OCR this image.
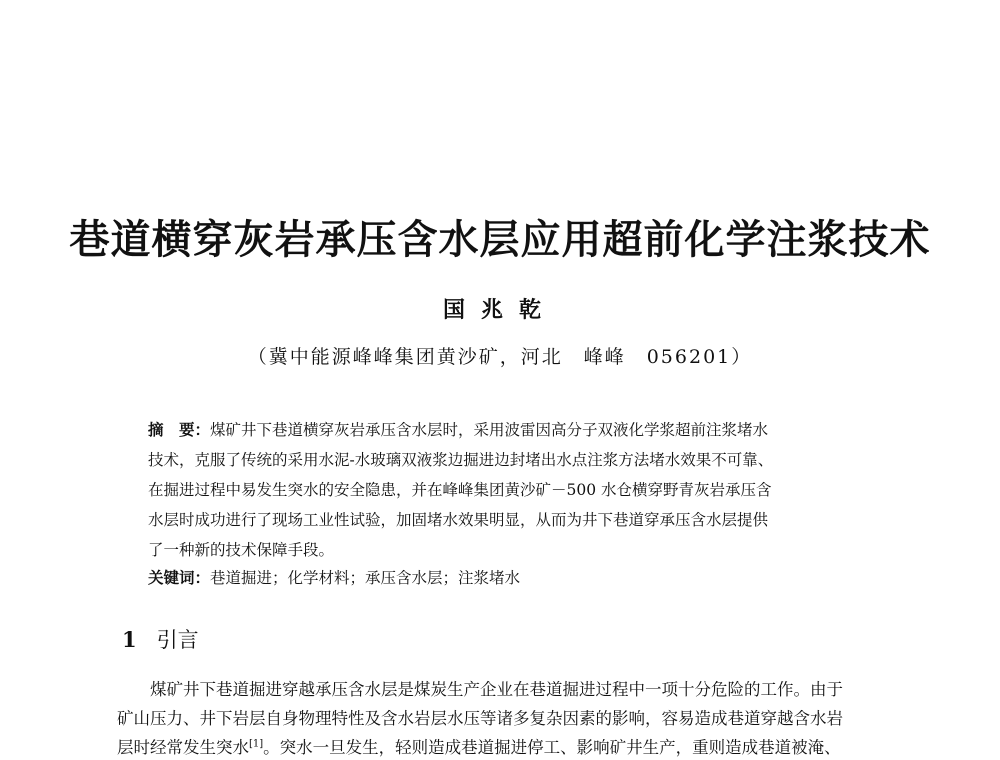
巷道横穿灰岩承压含水层应用超前化学注浆技术
国兆乾
（冀中能源峰峰集团黄沙矿，河北　峰峰　056201）
摘　要：煤矿井下巷道横穿灰岩承压含水层时，采用波雷因高分子双液化学浆超前注浆堵水
技术，克服了传统的采用水泥-水玻璃双液浆边掘进边封堵出水点注浆方法堵水效果不可靠、
在掘进过程中易发生突水的安全隐患，并在峰峰集团黄沙矿－500 水仓横穿野青灰岩承压含
水层时成功进行了现场工业性试验，加固堵水效果明显，从而为井下巷道穿承压含水层提供
了一种新的技术保障手段。
关键词：巷道掘进；化学材料；承压含水层；注浆堵水
1 引言
煤矿井下巷道掘进穿越承压含水层是煤炭生产企业在巷道掘进过程中一项十分危险的工作。由于
矿山压力、井下岩层自身物理特性及含水岩层水压等诸多复杂因素的影响，容易造成巷道穿越含水岩
层时经常发生突水[1]。突水一旦发生，轻则造成巷道掘进停工、影响矿井生产，重则造成巷道被淹、
